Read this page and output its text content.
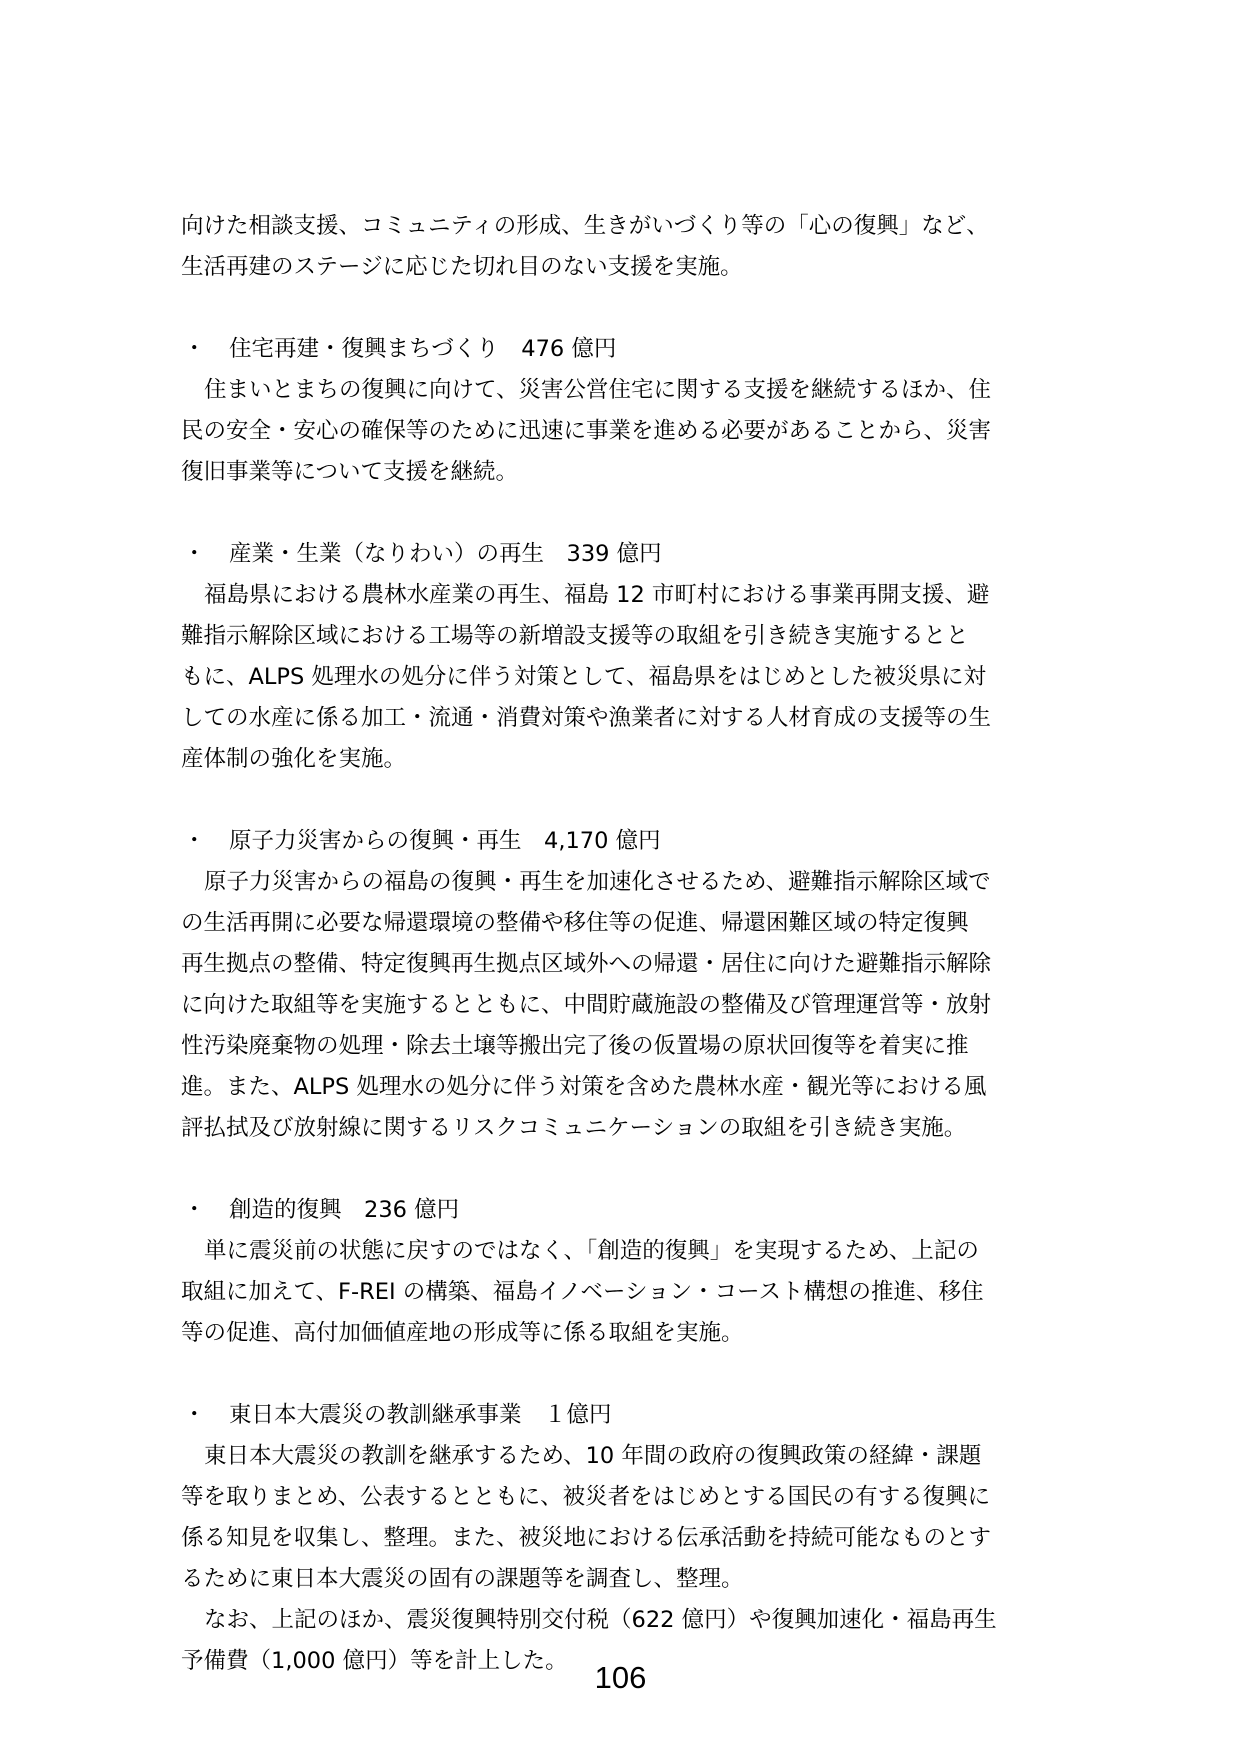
向けた相談支援、コミュニティの形成、生きがいづくり等の「心の復興」など、
生活再建のステージに応じた切れ目のない支援を実施。

・ 住宅再建・復興まちづくり　476 億円

住まいとまちの復興に向けて、災害公営住宅に関する支援を継続するほか、住
民の安全・安心の確保等のために迅速に事業を進める必要があることから、災害
復旧事業等について支援を継続。

・ 産業・生業（なりわい）の再生　339 億円

福島県における農林水産業の再生、福島 12 市町村における事業再開支援、避
難指示解除区域における工場等の新増設支援等の取組を引き続き実施するとと
もに、ALPS 処理水の処分に伴う対策として、福島県をはじめとした被災県に対
しての水産に係る加工・流通・消費対策や漁業者に対する人材育成の支援等の生
産体制の強化を実施。

・ 原子力災害からの復興・再生　4,170 億円

原子力災害からの福島の復興・再生を加速化させるため、避難指示解除区域で
の生活再開に必要な帰還環境の整備や移住等の促進、帰還困難区域の特定復興
再生拠点の整備、特定復興再生拠点区域外への帰還・居住に向けた避難指示解除
に向けた取組等を実施するとともに、中間貯蔵施設の整備及び管理運営等・放射
性汚染廃棄物の処理・除去土壌等搬出完了後の仮置場の原状回復等を着実に推
進。また、ALPS 処理水の処分に伴う対策を含めた農林水産・観光等における風
評払拭及び放射線に関するリスクコミュニケーションの取組を引き続き実施。

・ 創造的復興　236 億円

単に震災前の状態に戻すのではなく、「創造的復興」を実現するため、上記の
取組に加えて、F-REI の構築、福島イノベーション・コースト構想の推進、移住
等の促進、高付加価値産地の形成等に係る取組を実施。

・ 東日本大震災の教訓継承事業　１億円

東日本大震災の教訓を継承するため、10 年間の政府の復興政策の経緯・課題
等を取りまとめ、公表するとともに、被災者をはじめとする国民の有する復興に
係る知見を収集し、整理。また、被災地における伝承活動を持続可能なものとす
るために東日本大震災の固有の課題等を調査し、整理。

なお、上記のほか、震災復興特別交付税（622 億円）や復興加速化・福島再生
予備費（1,000 億円）等を計上した。 106
